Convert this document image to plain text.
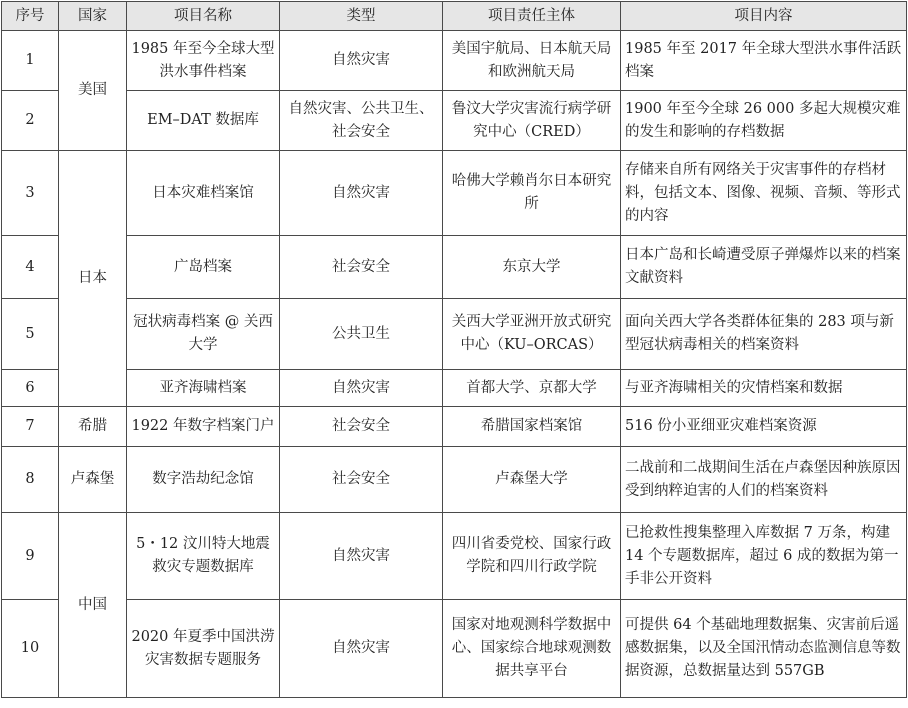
序号	国家	项目名称	类型	项目责任主体	项目内容
1	美国	1985 年至今全球大型洪水事件档案	自然灾害	美国宇航局、日本航天局和欧洲航天局	1985 年至 2017 年全球大型洪水事件活跃档案
2		EM–DAT 数据库	自然灾害、公共卫生、社会安全	鲁汶大学灾害流行病学研究中心（CRED）	1900 年至今全球 26 000 多起大规模灾难的发生和影响的存档数据
3	日本	日本灾难档案馆	自然灾害	哈佛大学赖肖尔日本研究所	存储来自所有网络关于灾害事件的存档材料，包括文本、图像、视频、音频、等形式的内容
4		广岛档案	社会安全	东京大学	日本广岛和长崎遭受原子弹爆炸以来的档案文献资料
5		冠状病毒档案 @ 关西大学	公共卫生	关西大学亚洲开放式研究中心（KU–ORCAS）	面向关西大学各类群体征集的 283 项与新型冠状病毒相关的档案资料
6		亚齐海啸档案	自然灾害	首都大学、京都大学	与亚齐海啸相关的灾情档案和数据
7	希腊	1922 年数字档案门户	社会安全	希腊国家档案馆	516 份小亚细亚灾难档案资源
8	卢森堡	数字浩劫纪念馆	社会安全	卢森堡大学	二战前和二战期间生活在卢森堡因种族原因受到纳粹迫害的人们的档案资料
9	中国	5・12 汶川特大地震救灾专题数据库	自然灾害	四川省委党校、国家行政学院和四川行政学院	已抢救性搜集整理入库数据 7 万条，构建 14 个专题数据库，超过 6 成的数据为第一手非公开资料
10		2020 年夏季中国洪涝灾害数据专题服务	自然灾害	国家对地观测科学数据中心、国家综合地球观测数据共享平台	可提供 64 个基础地理数据集、灾害前后遥感数据集，以及全国汛情动态监测信息等数据资源，总数据量达到 557GB
